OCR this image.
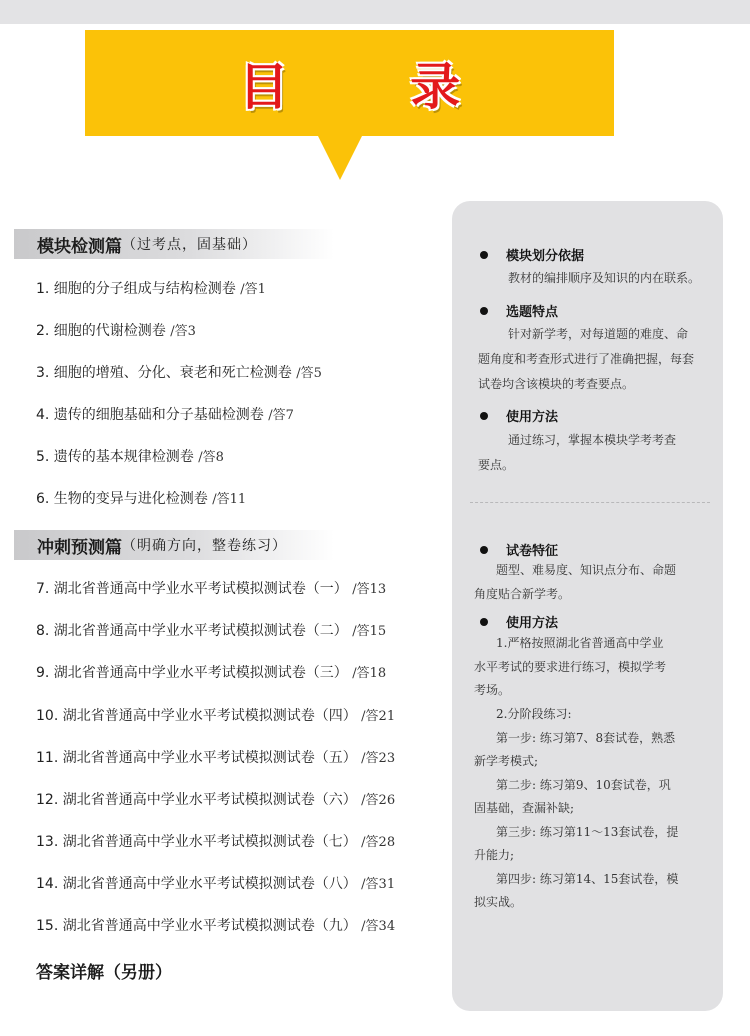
目 录
模块检测篇 （过考点，固基础）
1. 细胞的分子组成与结构检测卷 /答1
2. 细胞的代谢检测卷 /答3
3. 细胞的增殖、分化、衰老和死亡检测卷 /答5
4. 遗传的细胞基础和分子基础检测卷 /答7
5. 遗传的基本规律检测卷 /答8
6. 生物的变异与进化检测卷 /答11
冲刺预测篇 （明确方向，整卷练习）
7. 湖北省普通高中学业水平考试模拟测试卷（一） /答13
8. 湖北省普通高中学业水平考试模拟测试卷（二） /答15
9. 湖北省普通高中学业水平考试模拟测试卷（三） /答18
10. 湖北省普通高中学业水平考试模拟测试卷（四） /答21
11. 湖北省普通高中学业水平考试模拟测试卷（五） /答23
12. 湖北省普通高中学业水平考试模拟测试卷（六） /答26
13. 湖北省普通高中学业水平考试模拟测试卷（七） /答28
14. 湖北省普通高中学业水平考试模拟测试卷（八） /答31
15. 湖北省普通高中学业水平考试模拟测试卷（九） /答34
答案详解（另册）
模块划分依据
教材的编排顺序及知识的内在联系。
选题特点
针对新学考，对每道题的难度、命
题角度和考查形式进行了准确把握，每套
试卷均含该模块的考查要点。
使用方法
通过练习，掌握本模块学考考查
要点。
试卷特征
题型、难易度、知识点分布、命题
角度贴合新学考。
使用方法
1.严格按照湖北省普通高中学业
水平考试的要求进行练习，模拟学考
考场。
2.分阶段练习:
第一步: 练习第7、8套试卷，熟悉
新学考模式;
第二步: 练习第9、10套试卷，巩
固基础，查漏补缺;
第三步: 练习第11～13套试卷，提
升能力;
第四步: 练习第14、15套试卷，模
拟实战。
